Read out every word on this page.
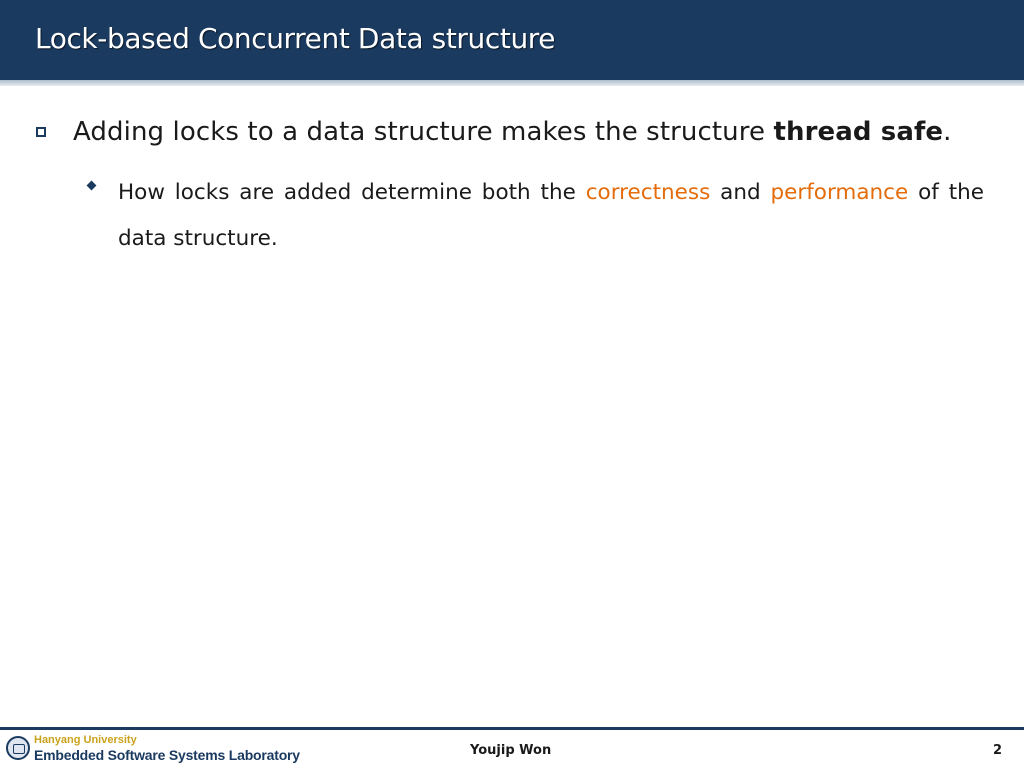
Lock-based Concurrent Data structure
Adding locks to a data structure makes the structure thread safe.
How locks are added determine both the correctness and performance of the data structure.
Hanyang University
Embedded Software Systems Laboratory	Youjip Won	2
